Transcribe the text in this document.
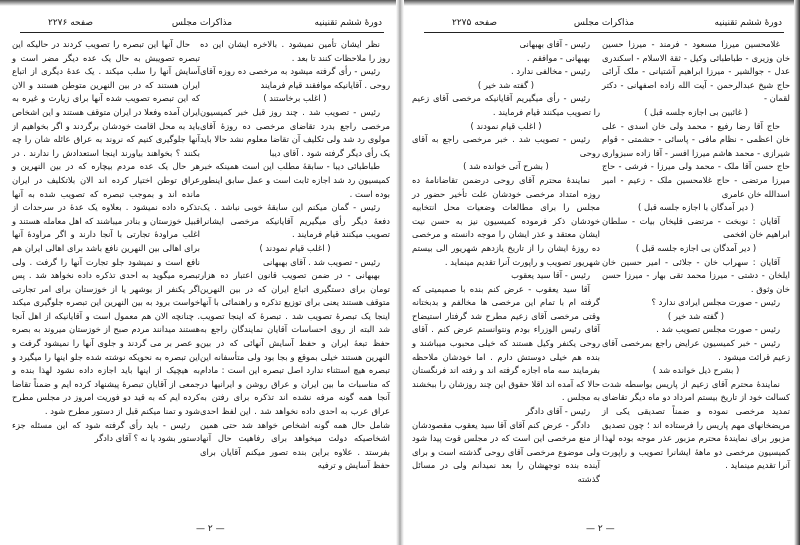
دورهٔ ششم تقنینیه
مذاکرات مجلس
صفحه ۲۲۷۶

نظر ایشان تأمین نمیشود . بالاخره ایشان این ده روز را ملاحظات کنند تا بعد .

رئیس - رأی گرفته میشود به مرخصی ده روزه آقای روحی . آقایانیکه موافقند قیام فرمایند

( اغلب برخاستند )

رئیس - تصویب شد . چند روز قبل خبر کمیسیون مرخصی راجع بدرد تقاضای مرخصی ده روزهٔ آقای مولوی رد شد ولی تکلیف آن تقاضا معلوم نشد حالا باید یک رأی دیگر گرفته شود . آقای دیبا

طباطبائی دیبا - سابقهٔ مطلب این است همینکه خبر کمیسیون رد شد اجازه ثابت است و عمل سابق اینطور بوده است .

رئیس - گمان میکنم این سابقهٔ خوبی نباشد . یک دفعهٔ دیگر رأی میگیریم آقایانیکه مرخصی ایشانرا تصویب میکنند قیام فرمایند .

( اغلب قیام نمودند )

رئیس - تصویب شد . آقای بهبهانی

بهبهانی - در ضمن تصویب قانون اعتبار ده هزار تومان برای دستگیری اتباع ایران که در بین النهرین متوقف هستند یعنی برای توزیع تذکره و راهنمائی با آنها اینجا یک تبصرهٔ تصویب شد . تبصرهٔ که اینجا تصویب شد البته از روی احساسات آقایان نمایندگان راجع به حفظ تبعهٔ ایران و حفظ آسایش آنهائی که در بین النهرین هستند خیلی بموقع و بجا بود ولی متأسفانه این تبصره هیچ استثناء ندارد اصل تبصره این است : مادام که مناسبات ما بین ایران و عراق روشن و ایرانیها در آنجا همه گونه مرفه نشده اند تذکره برای رفتن به عراق عرب به احدی داده نخواهد شد . این لفظ احدی شامل حال همه گونه اشخاص خواهد شد حتی همین اشخاصیکه دولت میخواهد برای رفاهیت حال آنها بفرستد . علاوه براین بنده تصور میکنم آقایان برای حفظ آسایش و ترفیه

حال آنها این تبصره را تصویب کردند در حالیکه این تبصره تصویبش به حال یک عده دیگر مضر است و آسایش آنها را سلب میکند . یک عدهٔ دیگری از اتباع ایران هستند که در بین النهرین متوطن هستند و الان که این تبصره تصویب شده آنها برای زیارت و غیره به ایران آمده وفعلا در ایران متوقف هستند و این اشخاص باید به محل اقامت خودشان برگردند و اگر بخواهیم از آنها جلوگیری کنیم که نروند به عراق عائله شان را چه بکنند ؟ بخواهند بیاورند اینجا استعدادش را ندارند . در هر حال یک عده مردم بیچاره که در بین النهرین و عراق توطن اختیار کرده اند الان بلاتکلیف در ایران مانده اند و بموجب تبصره که تصویب شده به آنها تذکره داده نمیشود . بعلاوه یک عدهٔ در سرحدات از قبیل خوزستان و بنادر میباشند که اهل معامله هستند و اغلب مراودهٔ تجارتی با آنجا دارند و اگر مراودهٔ آنها برای اهالی بین النهرین نافع باشد برای اهالی ایران هم نافع است و نمیشود جلو تجارت آنها را گرفت . ولی تبصره میگوید به احدی تذکره داده نخواهد شد . پس اگر یکنفر از بوشهر یا از خوزستان برای امر تجارتی خواست برود به بین النهرین این تبصره جلوگیری میکند . چنانچه الان هم معمول است و آقایانیکه از اهل آنجا هستند میدانند مردم صبح از خوزستان میروند به بصره و عصر بر می گردند و جلوی آنها را نمیشود گرفت و این تبصره به نحویکه نوشته شده جلو اینها را میگیرد و به هیچیک از اینها باید اجازه داده نشود لهذا بنده و جمعی از آقایان تبصرهٔ پیشنهاد کرده ایم و ضمناً تقاضا کرده ایم که به قید دو فوریت امروز در مجلس مطرح شود و تمنا میکنم قبل از دستور مطرح شود .

رئیس - باید رأی گرفته شود که این مسئله جزء دستور بشود یا نه ؟ آقای دادگر

— ۲ —
دورهٔ ششم تقنینیه
مذاکرات مجلس
صفحه ۲۲۷۵

غلامحسین میرزا مسعود - فرمند - میرزا حسین خان وزیری - طباطبائی وکیل - ثقة الاسلام - اسکندری عدل - جوالشیر - میرزا ابراهیم آشتیانی - ملک آرائی حاج شیخ عبدالرحمن - آیت الله زاده اصفهانی - دکتر لقمان -

( غائبین بی اجازه جلسه قبل )

حاج آقا رضا رفیع - محمد ولی خان اسدی - علی خان اعظمی - نظام مافی - پاسائی - حشمتی - قوام شیرازی - محمد هاشم میرزا افسر - آقا زاده سبزواری حاج حسن آقا ملک - محمد ولی میرزا - فرشی - حاج میرزا مرتضی - حاج غلامحسین ملک - زعیم - امیر اسدالله خان عامری

( دیر آمدگان با اجازه جلسه قبل )

آقایان : نوبخت - مرتضی قلیخان بیات - سلطان ابراهیم خان افخمی

( دیر آمدگان بی اجازه جلسه قبل )

آقایان : سهراب خان - جلائی - امیر حسین خان ایلخان - دشتی - میرزا محمد تقی بهار - میرزا حسن خان وثوق .

رئیس - صورت مجلس ایرادی ندارد ؟

( گفته شد خیر )

رئیس - صورت مجلس تصویب شد .

رئیس - خبر کمیسیون عرایض راجع بمرخصی آقای زعیم قرائت میشود .

( بشرح ذیل خوانده شد )

نمایندهٔ محترم آقای زعیم از پاریس بواسطه شدت کسالت خود از تاریخ بیستم امرداد دو ماه دیگر تقاضای تمدید مرخصی نموده و ضمناً تصدیقی یکی از مریضخانهای مهم پاریس را فرستاده اند ؛ چون تصدیق مزبور برای نمایندهٔ محترم مزبور عذر موجه بوده لهذا کمیسیون مرخصی دو ماههٔ ایشانرا تصویب و راپورت آنرا تقدیم مینماید .

رئیس - آقای بهبهانی

بهبهانی - موافقم .

رئیس - مخالفی ندارد .

( گفته شد خیر )

رئیس - رأی میگیریم آقایانیکه مرخصی آقای زعیم را تصویب میکنند قیام فرمایند .

( اغلب قیام نمودند )

رئیس - تصویب شد . خبر مرخصی راجع به آقای روحی

( بشرح آتی خوانده شد )

نمایندهٔ محترم آقای روحی درضمن تقاضانامهٔ ده روزه امتداد مرخصی خودشان علت تأخیر حضور در مجلس را برای مطالعات وضعیات محل انتخابیه خودشان ذکر فرموده کمیسیون نیز به حسن نیت ایشان معتقد و عذر ایشان را موجه دانسته و مرخصی ده روزهٔ ایشان را از تاریخ یازدهم شهریور الی بیستم شهریور تصویب و راپورت آنرا تقدیم مینماید .

رئیس - آقا سید یعقوب

آقا سید یعقوب - عرض کنم بنده با صمیمیتی که گرفته ام با تمام این مرخصی ها مخالفم و بدبختانه وقتی مرخصی آقای زعیم مطرح شد گرفتار استیضاح آقای رئیس الوزراء بودم ونتوانستم عرض کنم . آقای روحی یکنفر وکیل هستند که خیلی محبوب میباشند و بنده هم خیلی دوستش دارم . اما خودشان ملاحظه بفرمایند سه ماه اجازه گرفته اند و رفته اند فرنگستان حالا که آمده اند اقلا حقوق این چند روزشان را ببخشند به مجلس .

رئیس - آقای دادگر

دادگر - عرض کنم آقای آقا سید یعقوب مقصودشان از منع مرخصی این است که در مجلس قوت پیدا شود ولی موضوع مرخصی آقای روحی گذشته است و برای آینده بنده توجهشان را بعد نمیدانم ولی در مسائل گذشته

— ۲ —
